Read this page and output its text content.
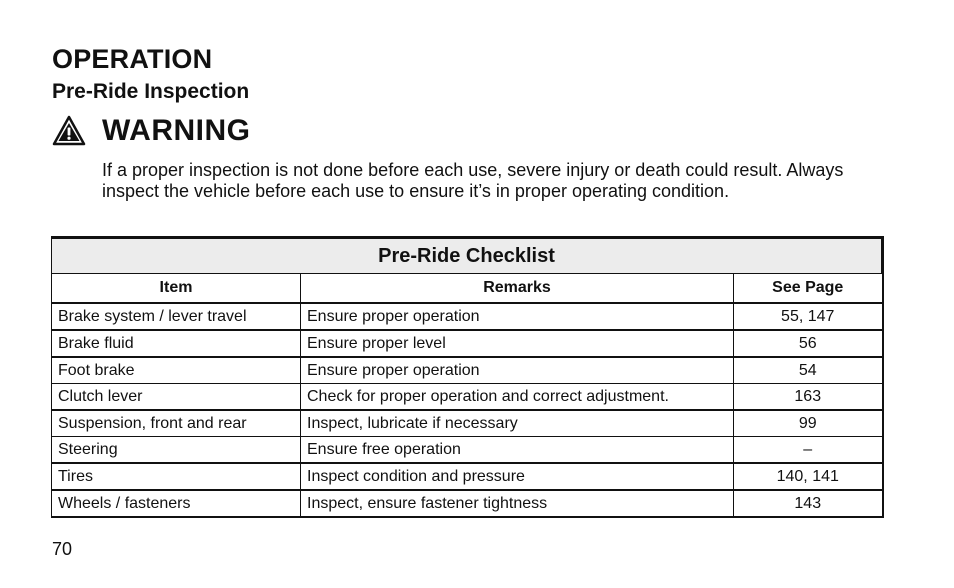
OPERATION
Pre-Ride Inspection
WARNING
If a proper inspection is not done before each use, severe injury or death could result. Always inspect the vehicle before each use to ensure it’s in proper operating condition.
Pre-Ride Checklist		
Item	Remarks	See Page
Brake system / lever travel	Ensure proper operation	55, 147
Brake fluid	Ensure proper level	56
Foot brake	Ensure proper operation	54
Clutch lever	Check for proper operation and correct adjustment.	163
Suspension, front and rear	Inspect, lubricate if necessary	99
Steering	Ensure free operation	–
Tires	Inspect condition and pressure	140, 141
Wheels / fasteners	Inspect, ensure fastener tightness	143
70
